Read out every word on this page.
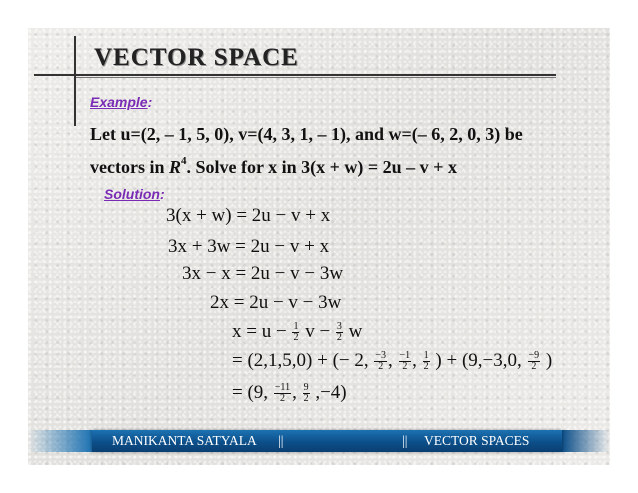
VECTOR SPACE
Example:
Let u=(2, – 1, 5, 0), v=(4, 3, 1, – 1), and w=(– 6, 2, 0, 3) be
vectors in $R^4$. Solve for x in 3(x + w) = 2u – v + x
Solution:
3(x + w) = 2u − v + x
3x + 3w = 2u − v + x
3x − x = 2u − v − 3w
2x = 2u − v − 3w
$x = u - \frac{1}{2}$ $v - \frac{3}{2}$ w
= (2,1,5,0) + (− 2, $\frac{-3}{2}$ , $\frac{-1}{2}$ , $\frac{1}{2}$ ) + (9,−3,0, $\frac{-9}{2}$ )
= (9, $\frac{-11}{2}$ , $\frac{9}{2} ,-4$)
MANIKANTA SATYALA ||	|| VECTOR SPACES
